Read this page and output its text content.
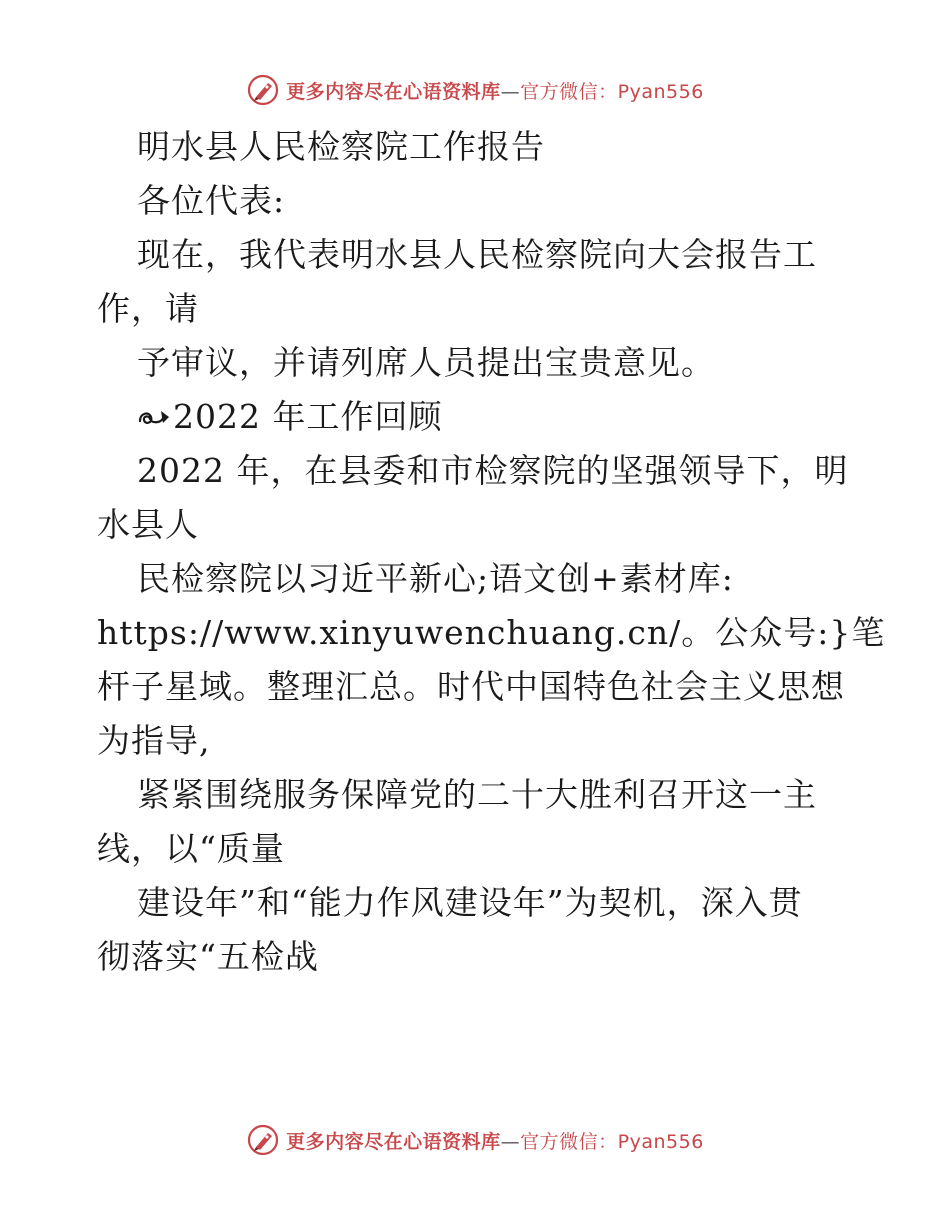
更多内容尽在心语资料库—官方微信：Pyan556
明水县人民检察院工作报告
各位代表:
现在，我代表明水县人民检察院向大会报告工
作，请
予审议，并请列席人员提出宝贵意见。
2022 年工作回顾
2022 年，在县委和市检察院的坚强领导下，明
水县人
民检察院以习近平新心;语文创+素材库:
https://www.xinyuwenchuang.cn/。公众号:}笔
杆子星域。整理汇总。时代中国特色社会主义思想
为指导,
紧紧围绕服务保障党的二十大胜利召开这一主
线，以“质量
建设年”和“能力作风建设年”为契机，深入贯
彻落实“五检战
更多内容尽在心语资料库—官方微信：Pyan556
